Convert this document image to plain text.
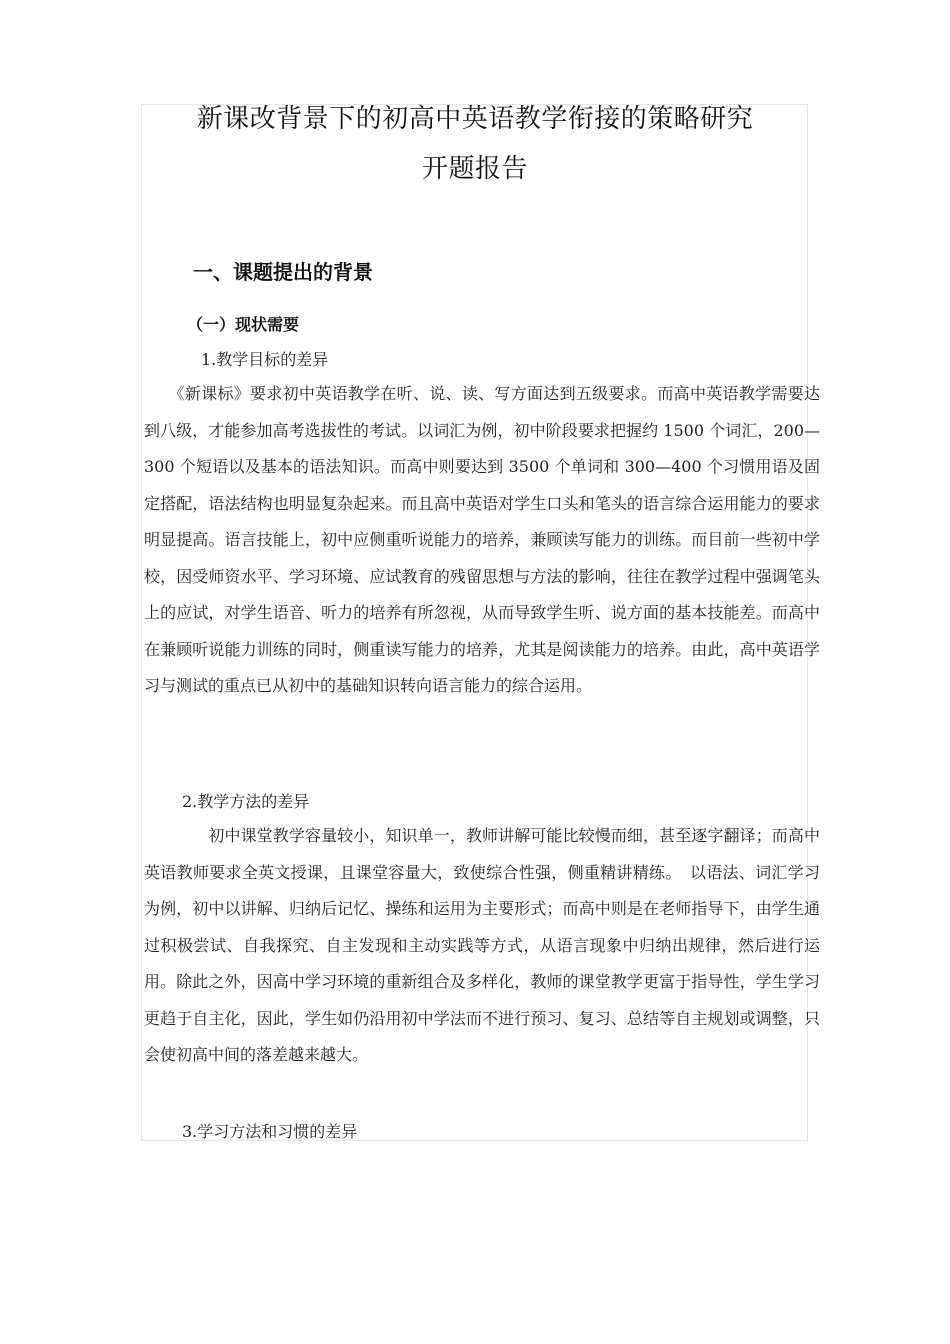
新课改背景下的初高中英语教学衔接的策略研究
开题报告
一、课题提出的背景
（一）现状需要
1.教学目标的差异
　　《新课标》要求初中英语教学在听、说、读、写方面达到五级要求。而高中英语教学需要达到八级，才能参加高考选拔性的考试。以词汇为例，初中阶段要求把握约 1500 个词汇，200—300 个短语以及基本的语法知识。而高中则要达到 3500 个单词和 300—400 个习惯用语及固定搭配，语法结构也明显复杂起来。而且高中英语对学生口头和笔头的语言综合运用能力的要求明显提高。语言技能上，初中应侧重听说能力的培养，兼顾读写能力的训练。而目前一些初中学校，因受师资水平、学习环境、应试教育的残留思想与方法的影响，往往在教学过程中强调笔头上的应试，对学生语音、听力的培养有所忽视，从而导致学生听、说方面的基本技能差。而高中在兼顾听说能力训练的同时，侧重读写能力的培养，尤其是阅读能力的培养。由此，高中英语学习与测试的重点已从初中的基础知识转向语言能力的综合运用。
2.教学方法的差异
　　　　初中课堂教学容量较小，知识单一，教师讲解可能比较慢而细，甚至逐字翻译；而高中英语教师要求全英文授课，且课堂容量大，致使综合性强，侧重精讲精练。　以语法、词汇学习为例，初中以讲解、归纳后记忆、操练和运用为主要形式；而高中则是在老师指导下，由学生通过积极尝试、自我探究、自主发现和主动实践等方式，从语言现象中归纳出规律，然后进行运用。除此之外，因高中学习环境的重新组合及多样化，教师的课堂教学更富于指导性，学生学习更趋于自主化，因此，学生如仍沿用初中学法而不进行预习、复习、总结等自主规划或调整，只会使初高中间的落差越来越大。
3.学习方法和习惯的差异
